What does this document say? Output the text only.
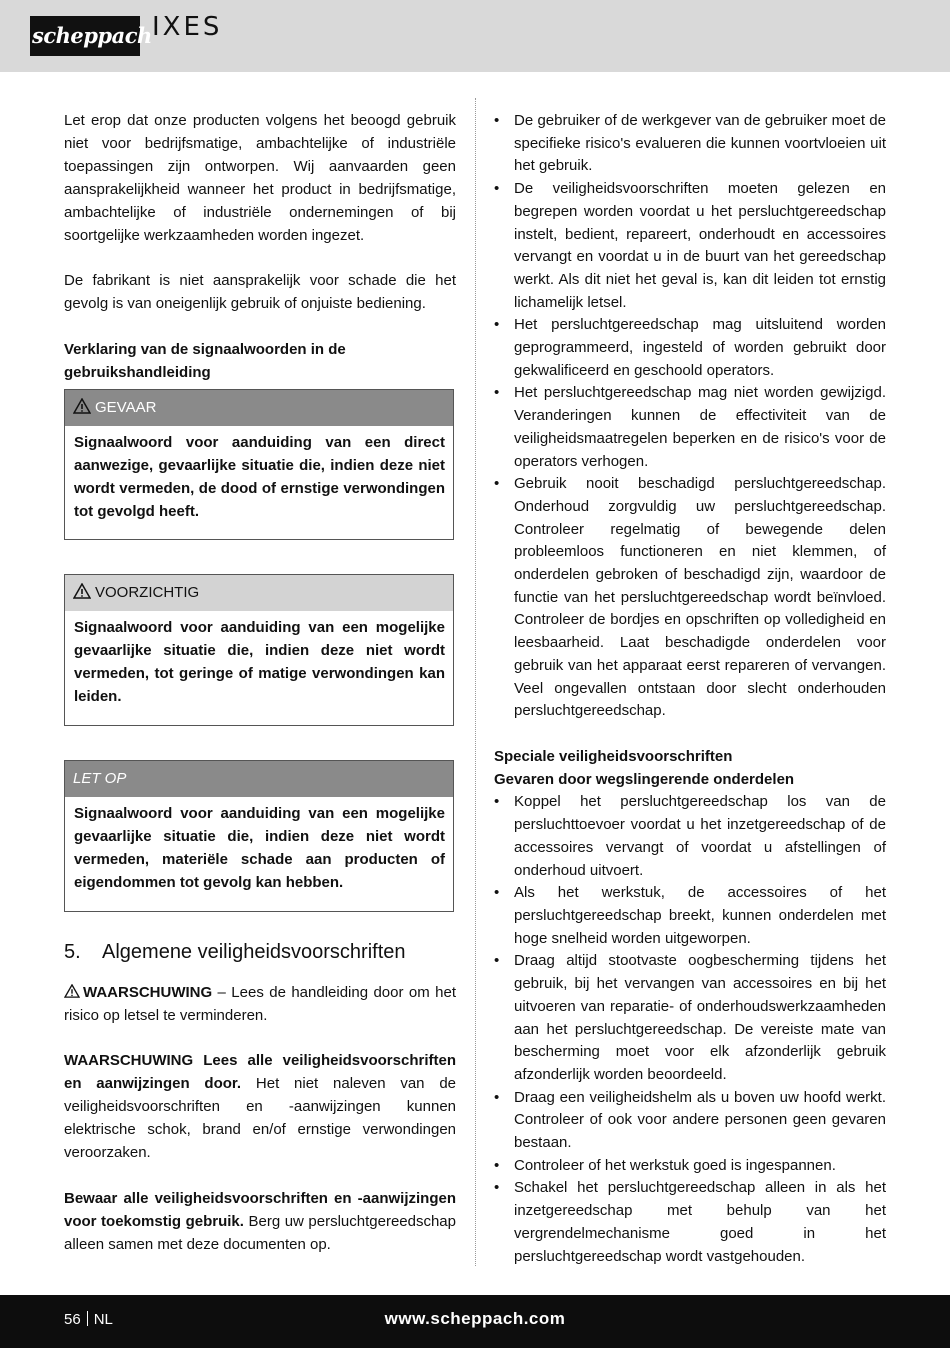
scheppach IXES

Let erop dat onze producten volgens het beoogd gebruik niet voor bedrijfsmatige, ambachtelijke of industriële toepassingen zijn ontworpen. Wij aanvaarden geen aansprakelijkheid wanneer het product in bedrijfsmatige, ambachtelijke of industriële ondernemingen of bij soortgelijke werkzaamheden worden ingezet.

De fabrikant is niet aansprakelijk voor schade die het gevolg is van oneigenlijk gebruik of onjuiste bediening.

Verklaring van de signaalwoorden in de gebruikshandleiding

GEVAAR
Signaalwoord voor aanduiding van een direct aanwezige, gevaarlijke situatie die, indien deze niet wordt vermeden, de dood of ernstige verwondingen tot gevolgd heeft.
VOORZICHTIG
Signaalwoord voor aanduiding van een mogelijke gevaarlijke situatie die, indien deze niet wordt vermeden, tot geringe of matige verwondingen kan leiden.
LET OP
Signaalwoord voor aanduiding van een mogelijke gevaarlijke situatie die, indien deze niet wordt vermeden, materiële schade aan producten of eigendommen tot gevolg kan hebben.
5. Algemene veiligheidsvoorschriften

WAARSCHUWING – Lees de handleiding door om het risico op letsel te verminderen.

WAARSCHUWING Lees alle veiligheidsvoorschriften en aanwijzingen door. Het niet naleven van de veiligheidsvoorschriften en -aanwijzingen kunnen elektrische schok, brand en/of ernstige verwondingen veroorzaken.

Bewaar alle veiligheidsvoorschriften en -aanwijzingen voor toekomstig gebruik. Berg uw persluchtgereedschap alleen samen met deze documenten op.

• De gebruiker of de werkgever van de gebruiker moet de specifieke risico's evalueren die kunnen voortvloeien uit het gebruik.
• De veiligheidsvoorschriften moeten gelezen en begrepen worden voordat u het persluchtgereedschap instelt, bedient, repareert, onderhoudt en accessoires vervangt en voordat u in de buurt van het gereedschap werkt. Als dit niet het geval is, kan dit leiden tot ernstig lichamelijk letsel.
• Het persluchtgereedschap mag uitsluitend worden geprogrammeerd, ingesteld of worden gebruikt door gekwalificeerd en geschoold operators.
• Het persluchtgereedschap mag niet worden gewijzigd. Veranderingen kunnen de effectiviteit van de veiligheidsmaatregelen beperken en de risico's voor de operators verhogen.
• Gebruik nooit beschadigd persluchtgereedschap. Onderhoud zorgvuldig uw persluchtgereedschap. Controleer regelmatig of bewegende delen probleemloos functioneren en niet klemmen, of onderdelen gebroken of beschadigd zijn, waardoor de functie van het persluchtgereedschap wordt beïnvloed. Controleer de bordjes en opschriften op volledigheid en leesbaarheid. Laat beschadigde onderdelen voor gebruik van het apparaat eerst repareren of vervangen. Veel ongevallen ontstaan door slecht onderhouden persluchtgereedschap.

Speciale veiligheidsvoorschriften

Gevaren door wegslingerende onderdelen

• Koppel het persluchtgereedschap los van de persluchttoevoer voordat u het inzetgereedschap of de accessoires vervangt of voordat u afstellingen of onderhoud uitvoert.
• Als het werkstuk, de accessoires of het persluchtgereedschap breekt, kunnen onderdelen met hoge snelheid worden uitgeworpen.
• Draag altijd stootvaste oogbescherming tijdens het gebruik, bij het vervangen van accessoires en bij het uitvoeren van reparatie- of onderhoudswerkzaamheden aan het persluchtgereedschap. De vereiste mate van bescherming moet voor elk afzonderlijk gebruik afzonderlijk worden beoordeeld.
• Draag een veiligheidshelm als u boven uw hoofd werkt. Controleer of ook voor andere personen geen gevaren bestaan.
• Controleer of het werkstuk goed is ingespannen.
• Schakel het persluchtgereedschap alleen in als het inzetgereedschap met behulp van het vergrendelmechanisme goed in het persluchtgereedschap wordt vastgehouden.
56 NL	www.scheppach.com
